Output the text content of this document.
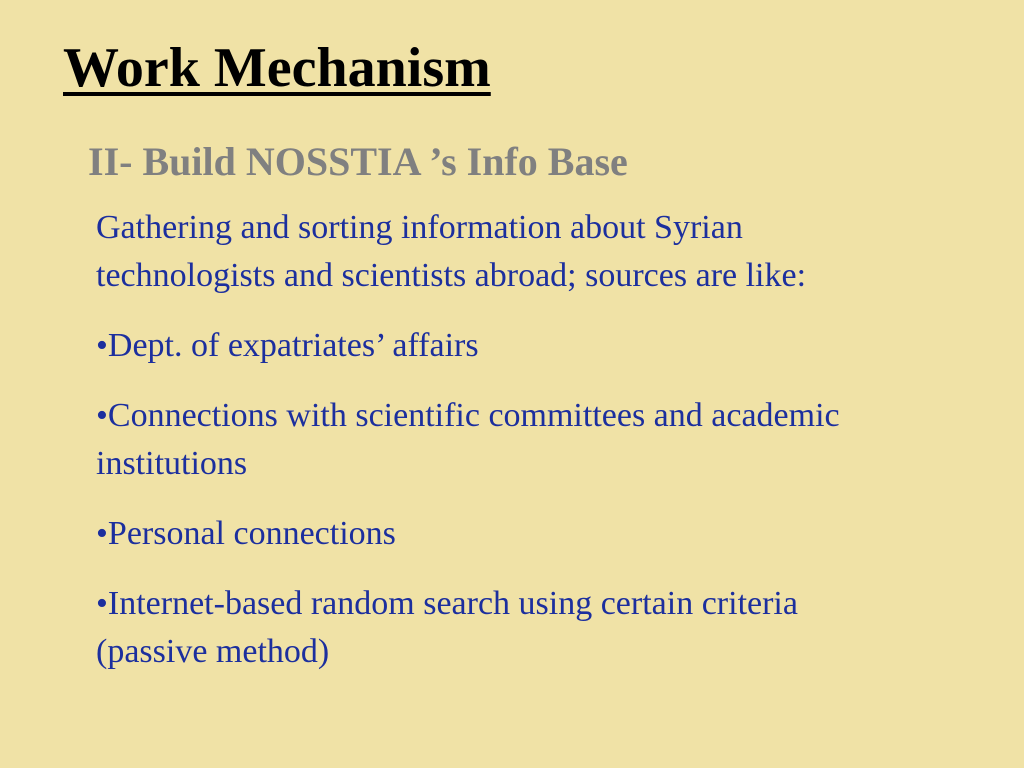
Work Mechanism
II- Build NOSSTIA ’s Info Base

Gathering and sorting information about Syrian technologists and scientists abroad; sources are like:

•Dept. of expatriates’ affairs

•Connections with scientific committees and academic institutions

•Personal connections

•Internet-based random search using certain criteria (passive method)
